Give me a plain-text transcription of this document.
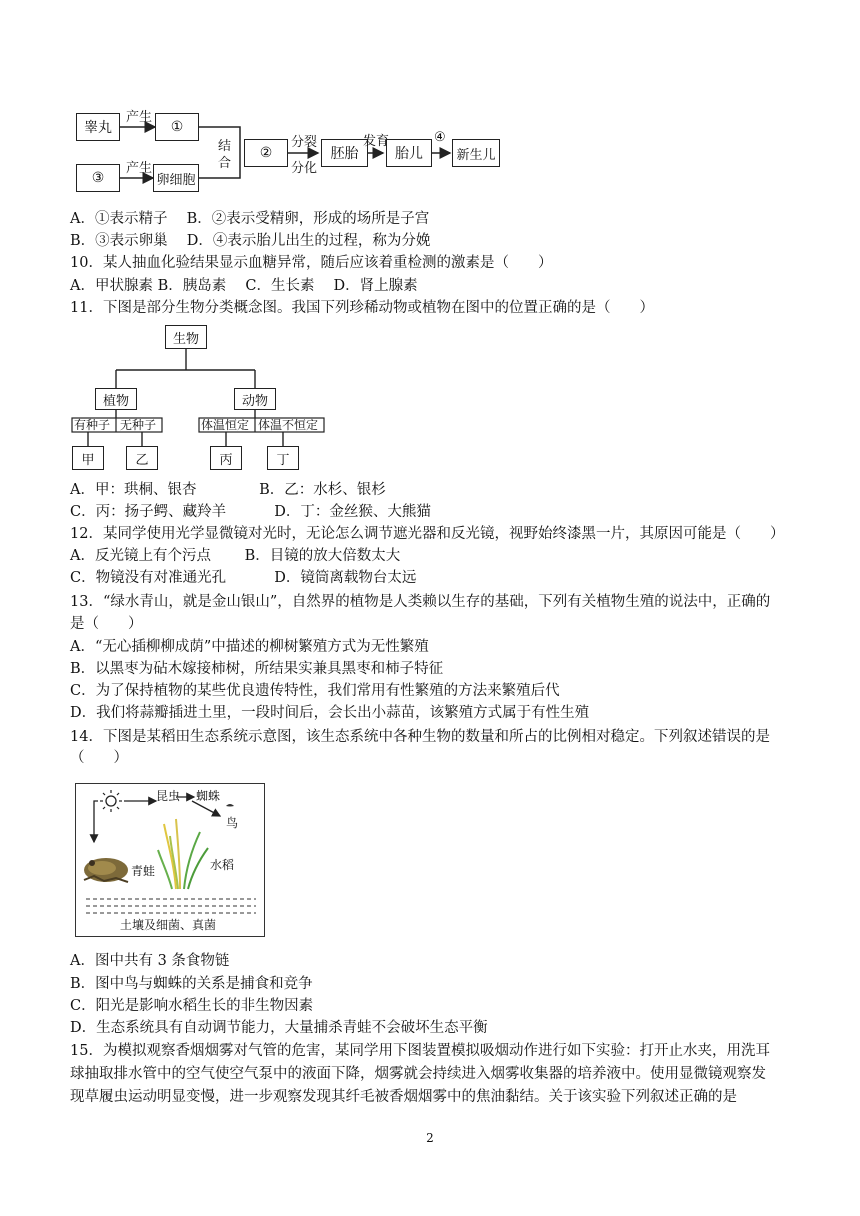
睾丸	①
③	卵细胞
②	胚胎	胎儿	新生儿
产生
产生
结
合
分裂
分化
发育	④
A．①表示精子　 B．②表示受精卵，形成的场所是子宫
B．③表示卵巢　 D．④表示胎儿出生的过程，称为分娩
10．某人抽血化验结果显示血糖异常，随后应该着重检测的激素是（　　）
A．甲状腺素 B．胰岛素　 C．生长素　 D．肾上腺素
11．下图是部分生物分类概念图。我国下列珍稀动物或植物在图中的位置正确的是（　　）
生物
植物	动物
有种子 无种子	体温恒定 体温不恒定
甲	乙	丙	丁
A．甲：珙桐、银杏　　　　 B．乙：水杉、银杉
C．丙：扬子鳄、藏羚羊　　　 D．丁：金丝猴、大熊猫
12．某同学使用光学显微镜对光时，无论怎么调节遮光器和反光镜，视野始终漆黑一片，其原因可能是（　　）
A．反光镜上有个污点　　 B．目镜的放大倍数太大
C．物镜没有对准通光孔　　　 D．镜筒离载物台太远
13．“绿水青山，就是金山银山”，自然界的植物是人类赖以生存的基础，下列有关植物生殖的说法中，正确的
是（　　）
A．“无心插柳柳成荫”中描述的柳树繁殖方式为无性繁殖
B．以黑枣为砧木嫁接柿树，所结果实兼具黑枣和柿子特征
C．为了保持植物的某些优良遗传特性，我们常用有性繁殖的方法来繁殖后代
D．我们将蒜瓣插进土里，一段时间后，会长出小蒜苗，该繁殖方式属于有性生殖
14．下图是某稻田生态系统示意图，该生态系统中各种生物的数量和所占的比例相对稳定。下列叙述错误的是
（　　）
昆虫 蜘蛛
鸟
青蛙	水稻
土壤及细菌、真菌
A．图中共有 3 条食物链
B．图中鸟与蜘蛛的关系是捕食和竞争
C．阳光是影响水稻生长的非生物因素
D．生态系统具有自动调节能力，大量捕杀青蛙不会破坏生态平衡
15．为模拟观察香烟烟雾对气管的危害，某同学用下图装置模拟吸烟动作进行如下实验：打开止水夹，用洗耳
球抽取排水管中的空气使空气泵中的液面下降，烟雾就会持续进入烟雾收集器的培养液中。使用显微镜观察发
现草履虫运动明显变慢，进一步观察发现其纤毛被香烟烟雾中的焦油黏结。关于该实验下列叙述正确的是
2
